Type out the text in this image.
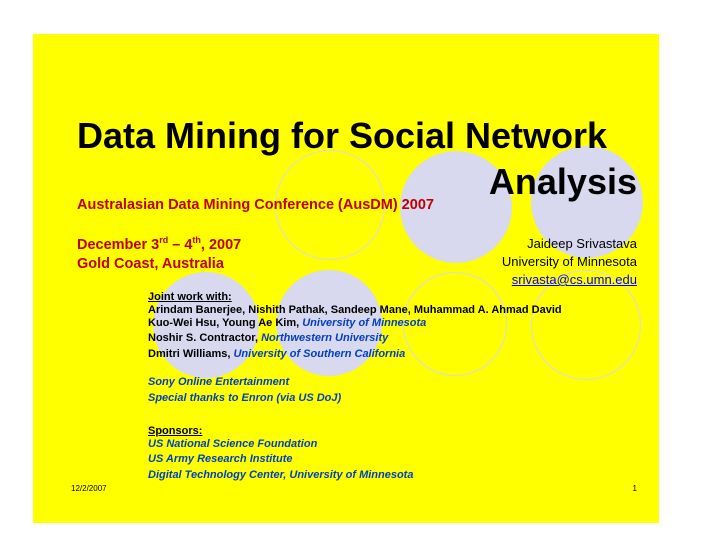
Data Mining for Social Network
Analysis
Australasian Data Mining Conference (AusDM) 2007
December 3rd – 4th, 2007
Gold Coast, Australia
Jaideep Srivastava
University of Minnesota
srivasta@cs.umn.edu
Joint work with:
Arindam Banerjee, Nishith Pathak, Sandeep Mane, Muhammad A. Ahmad David
Kuo-Wei Hsu, Young Ae Kim, University of Minnesota
Noshir S. Contractor, Northwestern University
Dmitri Williams, University of Southern California
Sony Online Entertainment
Special thanks to Enron (via US DoJ)
Sponsors:
US National Science Foundation
US Army Research Institute
Digital Technology Center, University of Minnesota
12/2/2007	1
